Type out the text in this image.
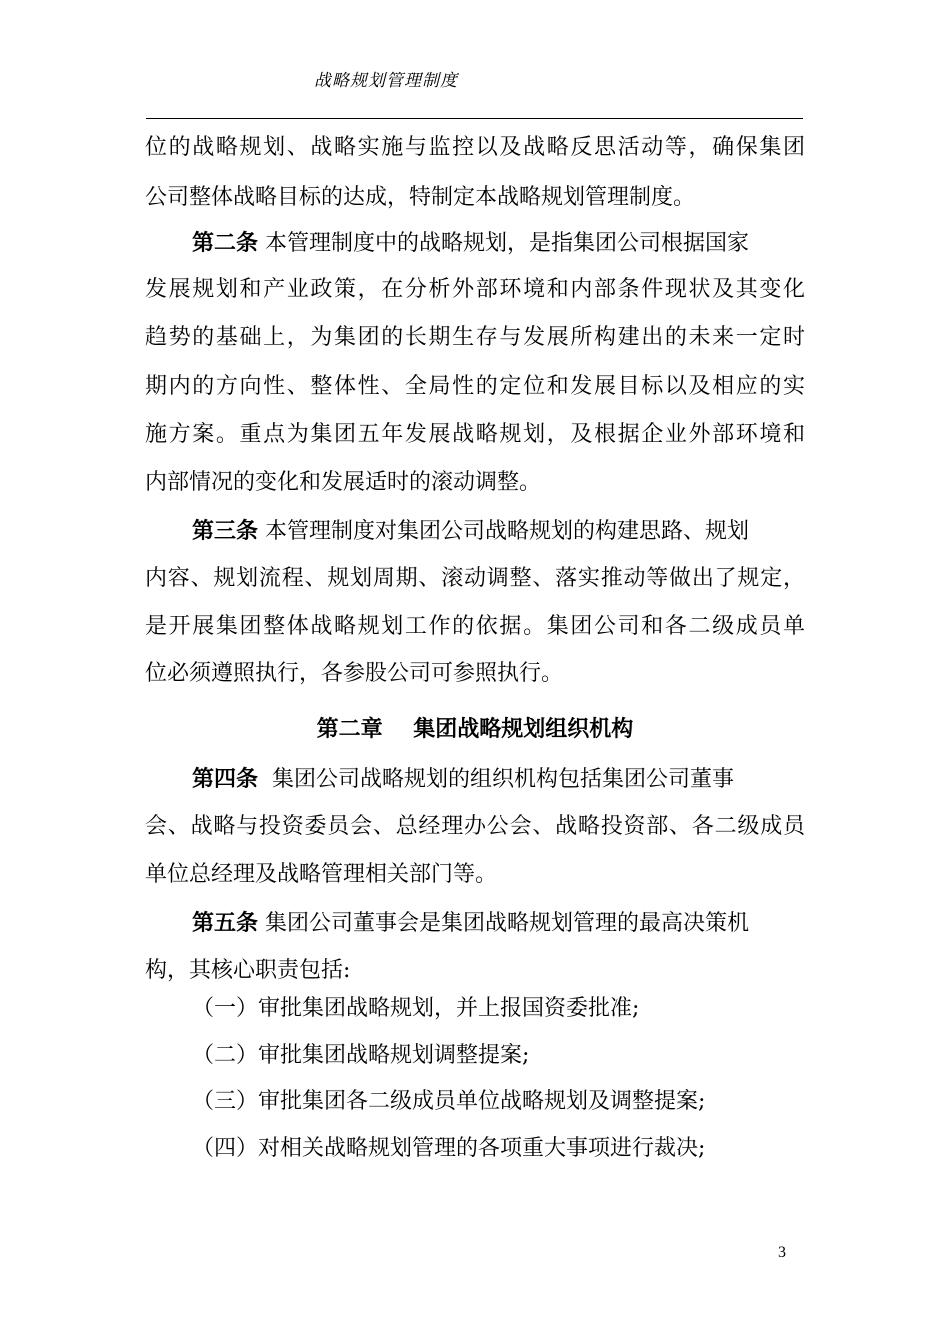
战略规划管理制度
位的战略规划、战略实施与监控以及战略反思活动等，确保集团
公司整体战略目标的达成，特制定本战略规划管理制度。
第二条 本管理制度中的战略规划，是指集团公司根据国家
发展规划和产业政策，在分析外部环境和内部条件现状及其变化
趋势的基础上，为集团的长期生存与发展所构建出的未来一定时
期内的方向性、整体性、全局性的定位和发展目标以及相应的实
施方案。重点为集团五年发展战略规划，及根据企业外部环境和
内部情况的变化和发展适时的滚动调整。
第三条 本管理制度对集团公司战略规划的构建思路、规划
内容、规划流程、规划周期、滚动调整、落实推动等做出了规定，
是开展集团整体战略规划工作的依据。集团公司和各二级成员单
位必须遵照执行，各参股公司可参照执行。
第四条  集团公司战略规划的组织机构包括集团公司董事
会、战略与投资委员会、总经理办公会、战略投资部、各二级成员
单位总经理及战略管理相关部门等。
第五条 集团公司董事会是集团战略规划管理的最高决策机
构，其核心职责包括:
（一）审批集团战略规划，并上报国资委批准;
（二）审批集团战略规划调整提案;
（三）审批集团各二级成员单位战略规划及调整提案;
（四）对相关战略规划管理的各项重大事项进行裁决;
第二章    集团战略规划组织机构
3
